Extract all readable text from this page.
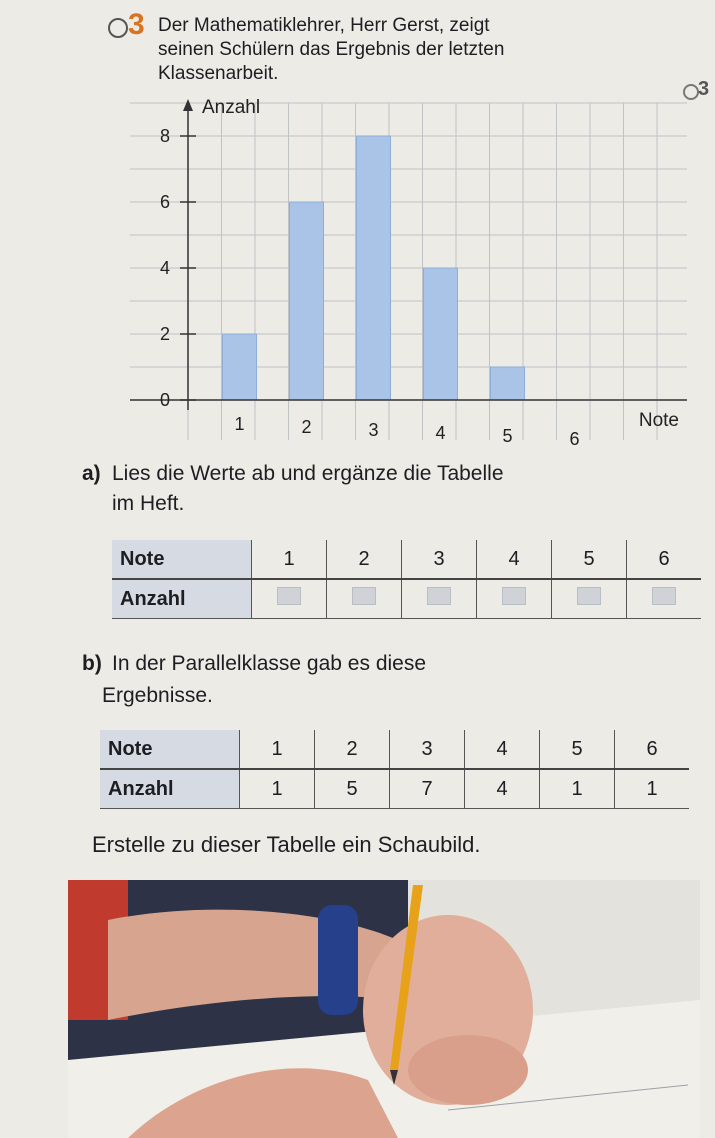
3 Der Mathematiklehrer, Herr Gerst, zeigt
seinen Schülern das Ergebnis der letzten
Klassenarbeit.
3
0
2
4
6
8
1	2	3	4	5	6
Anzahl
Note
a) Lies die Werte ab und ergänze die Tabelle
im Heft.
Note	1	2	3	4	5	6
Anzahl						
b) In der Parallelklasse gab es diese
Ergebnisse.
Note	1	2	3	4	5	6
Anzahl	1	5	7	4	1	1
Erstelle zu dieser Tabelle ein Schaubild.
